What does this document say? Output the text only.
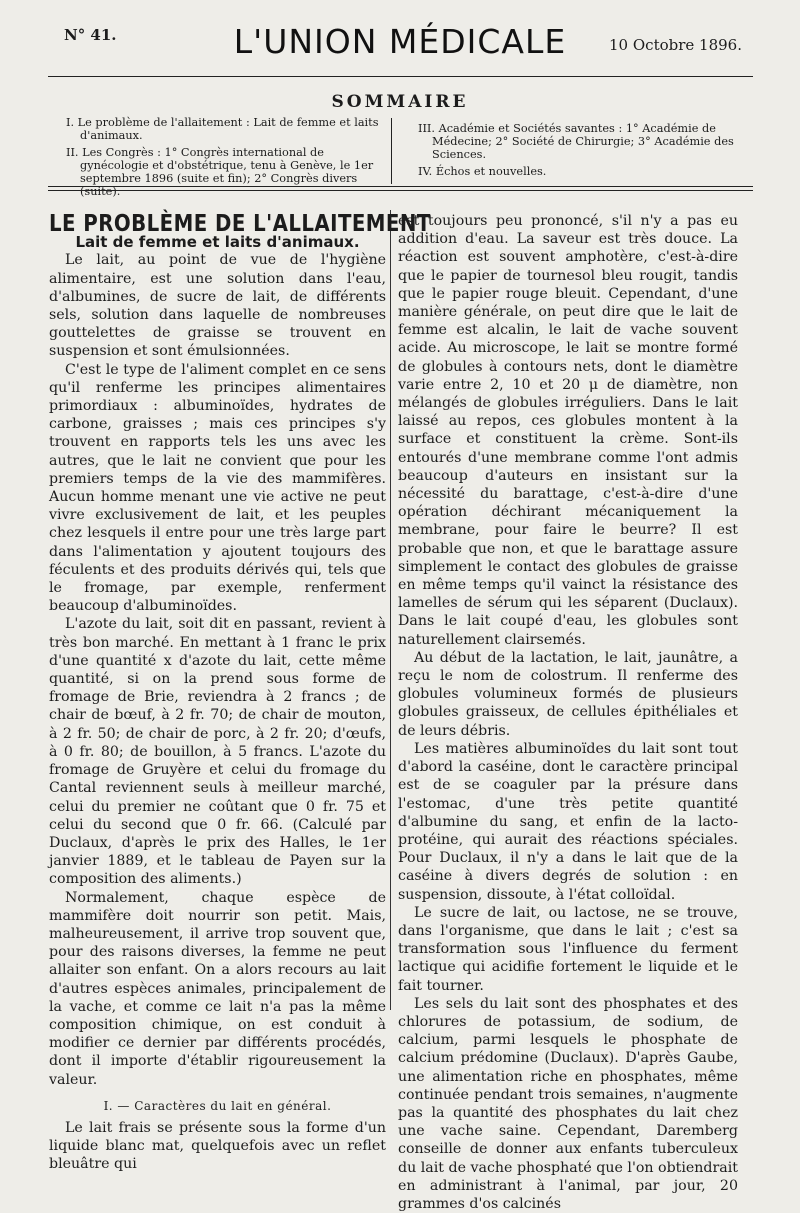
N° 41.	L'UNION MÉDICALE	10 Octobre 1896.
SOMMAIRE

I. Le problème de l'allaitement : Lait de femme et laits d'animaux.

II. Les Congrès : 1° Congrès international de gynécologie et d'obstétrique, tenu à Genève, le 1er septembre 1896 (suite et fin); 2° Congrès divers (suite).

III. Académie et Sociétés savantes : 1° Académie de Médecine; 2° Société de Chirurgie; 3° Académie des Sciences.

IV. Échos et nouvelles.

LE PROBLÈME DE L'ALLAITEMENT

Lait de femme et laits d'animaux.

Le lait, au point de vue de l'hygiène alimentaire, est une solution dans l'eau, d'albumines, de sucre de lait, de différents sels, solution dans laquelle de nombreuses gouttelettes de graisse se trouvent en suspension et sont émulsionnées.

C'est le type de l'aliment complet en ce sens qu'il renferme les principes alimentaires primordiaux : albuminoïdes, hydrates de carbone, graisses ; mais ces principes s'y trouvent en rapports tels les uns avec les autres, que le lait ne convient que pour les premiers temps de la vie des mammifères. Aucun homme menant une vie active ne peut vivre exclusivement de lait, et les peuples chez lesquels il entre pour une très large part dans l'alimentation y ajoutent toujours des féculents et des produits dérivés qui, tels que le fromage, par exemple, renferment beaucoup d'albuminoïdes.

L'azote du lait, soit dit en passant, revient à très bon marché. En mettant à 1 franc le prix d'une quantité x d'azote du lait, cette même quantité, si on la prend sous forme de fromage de Brie, reviendra à 2 francs ; de chair de bœuf, à 2 fr. 70; de chair de mouton, à 2 fr. 50; de chair de porc, à 2 fr. 20; d'œufs, à 0 fr. 80; de bouillon, à 5 francs. L'azote du fromage de Gruyère et celui du fromage du Cantal reviennent seuls à meilleur marché, celui du premier ne coûtant que 0 fr. 75 et celui du second que 0 fr. 66. (Calculé par Duclaux, d'après le prix des Halles, le 1er janvier 1889, et le tableau de Payen sur la composition des aliments.)

Normalement, chaque espèce de mammifère doit nourrir son petit. Mais, malheureusement, il arrive trop souvent que, pour des raisons diverses, la femme ne peut allaiter son enfant. On a alors recours au lait d'autres espèces animales, principalement de la vache, et comme ce lait n'a pas la même composition chimique, on est conduit à modifier ce dernier par différents procédés, dont il importe d'établir rigoureusement la valeur.

I. — Caractères du lait en général.

Le lait frais se présente sous la forme d'un liquide blanc mat, quelquefois avec un reflet bleuâtre qui

est toujours peu prononcé, s'il n'y a pas eu addition d'eau. La saveur est très douce. La réaction est souvent amphotère, c'est-à-dire que le papier de tournesol bleu rougit, tandis que le papier rouge bleuit. Cependant, d'une manière générale, on peut dire que le lait de femme est alcalin, le lait de vache souvent acide. Au microscope, le lait se montre formé de globules à contours nets, dont le diamètre varie entre 2, 10 et 20 μ de diamètre, non mélangés de globules irréguliers. Dans le lait laissé au repos, ces globules montent à la surface et constituent la crème. Sont-ils entourés d'une membrane comme l'ont admis beaucoup d'auteurs en insistant sur la nécessité du barattage, c'est-à-dire d'une opération déchirant mécaniquement la membrane, pour faire le beurre? Il est probable que non, et que le barattage assure simplement le contact des globules de graisse en même temps qu'il vainct la résistance des lamelles de sérum qui les séparent (Duclaux). Dans le lait coupé d'eau, les globules sont naturellement clairsemés.

Au début de la lactation, le lait, jaunâtre, a reçu le nom de colostrum. Il renferme des globules volumineux formés de plusieurs globules graisseux, de cellules épithéliales et de leurs débris.

Les matières albuminoïdes du lait sont tout d'abord la caséine, dont le caractère principal est de se coaguler par la présure dans l'estomac, d'une très petite quantité d'albumine du sang, et enfin de la lacto-protéine, qui aurait des réactions spéciales. Pour Duclaux, il n'y a dans le lait que de la caséine à divers degrés de solution : en suspension, dissoute, à l'état colloïdal.

Le sucre de lait, ou lactose, ne se trouve, dans l'organisme, que dans le lait ; c'est sa transformation sous l'influence du ferment lactique qui acidifie fortement le liquide et le fait tourner.

Les sels du lait sont des phosphates et des chlorures de potassium, de sodium, de calcium, parmi lesquels le phosphate de calcium prédomine (Duclaux). D'après Gaube, une alimentation riche en phosphates, même continuée pendant trois semaines, n'augmente pas la quantité des phosphates du lait chez une vache saine. Cependant, Daremberg conseille de donner aux enfants tuberculeux du lait de vache phosphaté que l'on obtiendrait en administrant à l'animal, par jour, 20 grammes d'os calcinés
